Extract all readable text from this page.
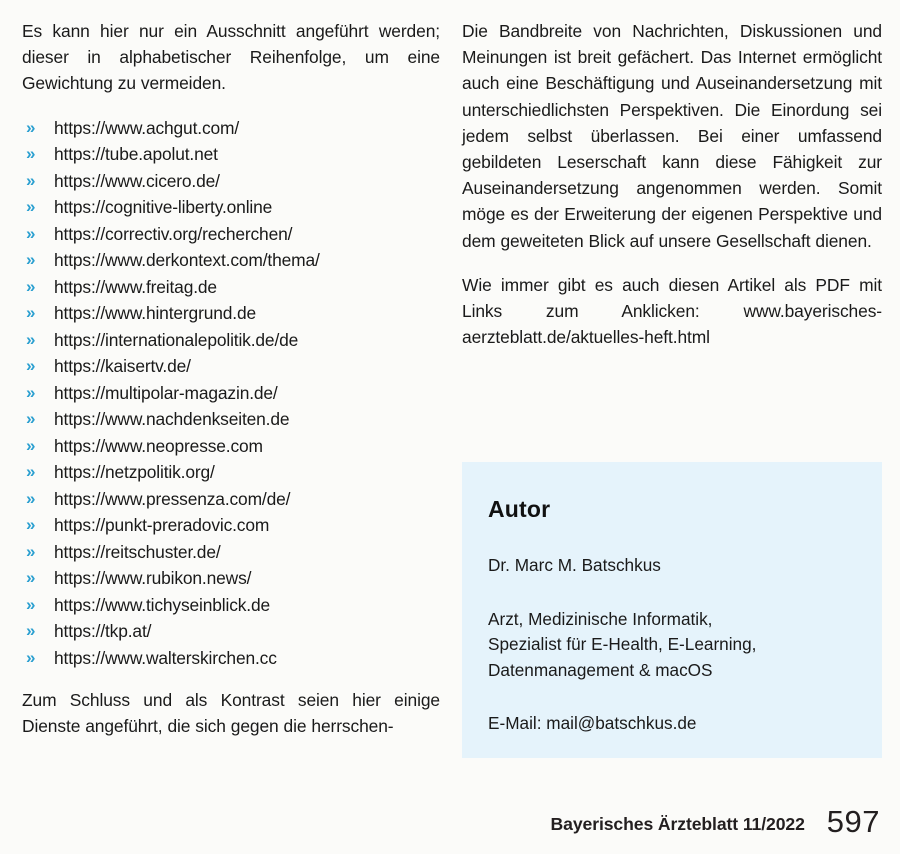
Es kann hier nur ein Ausschnitt angeführt werden; dieser in alphabetischer Reihenfolge, um eine Gewichtung zu vermeiden.

» https://www.achgut.com/
» https://tube.apolut.net
» https://www.cicero.de/
» https://cognitive-liberty.online
» https://correctiv.org/recherchen/
» https://www.derkontext.com/thema/
» https://www.freitag.de
» https://www.hintergrund.de
» https://internationalepolitik.de/de
» https://kaisertv.de/
» https://multipolar-magazin.de/
» https://www.nachdenkseiten.de
» https://www.neopresse.com
» https://netzpolitik.org/
» https://www.pressenza.com/de/
» https://punkt-preradovic.com
» https://reitschuster.de/
» https://www.rubikon.news/
» https://www.tichyseinblick.de
» https://tkp.at/
» https://www.walterskirchen.cc

Zum Schluss und als Kontrast seien hier einige Dienste angeführt, die sich gegen die herrschen-

Die Bandbreite von Nachrichten, Diskussionen und Meinungen ist breit gefächert. Das Internet ermöglicht auch eine Beschäftigung und Auseinandersetzung mit unterschiedlichsten Perspektiven. Die Einordung sei jedem selbst überlassen. Bei einer umfassend gebildeten Leserschaft kann diese Fähigkeit zur Auseinandersetzung angenommen werden. Somit möge es der Erweiterung der eigenen Perspektive und dem geweiteten Blick auf unsere Gesellschaft dienen.

Wie immer gibt es auch diesen Artikel als PDF mit Links zum Anklicken: www.bayerisches-aerzteblatt.de/aktuelles-heft.html

Autor
Dr. Marc M. Batschkus
Arzt, Medizinische Informatik,
Spezialist für E-Health, E-Learning,
Datenmanagement & macOS
E-Mail: mail@batschkus.de
Bayerisches Ärzteblatt 11/2022 597
